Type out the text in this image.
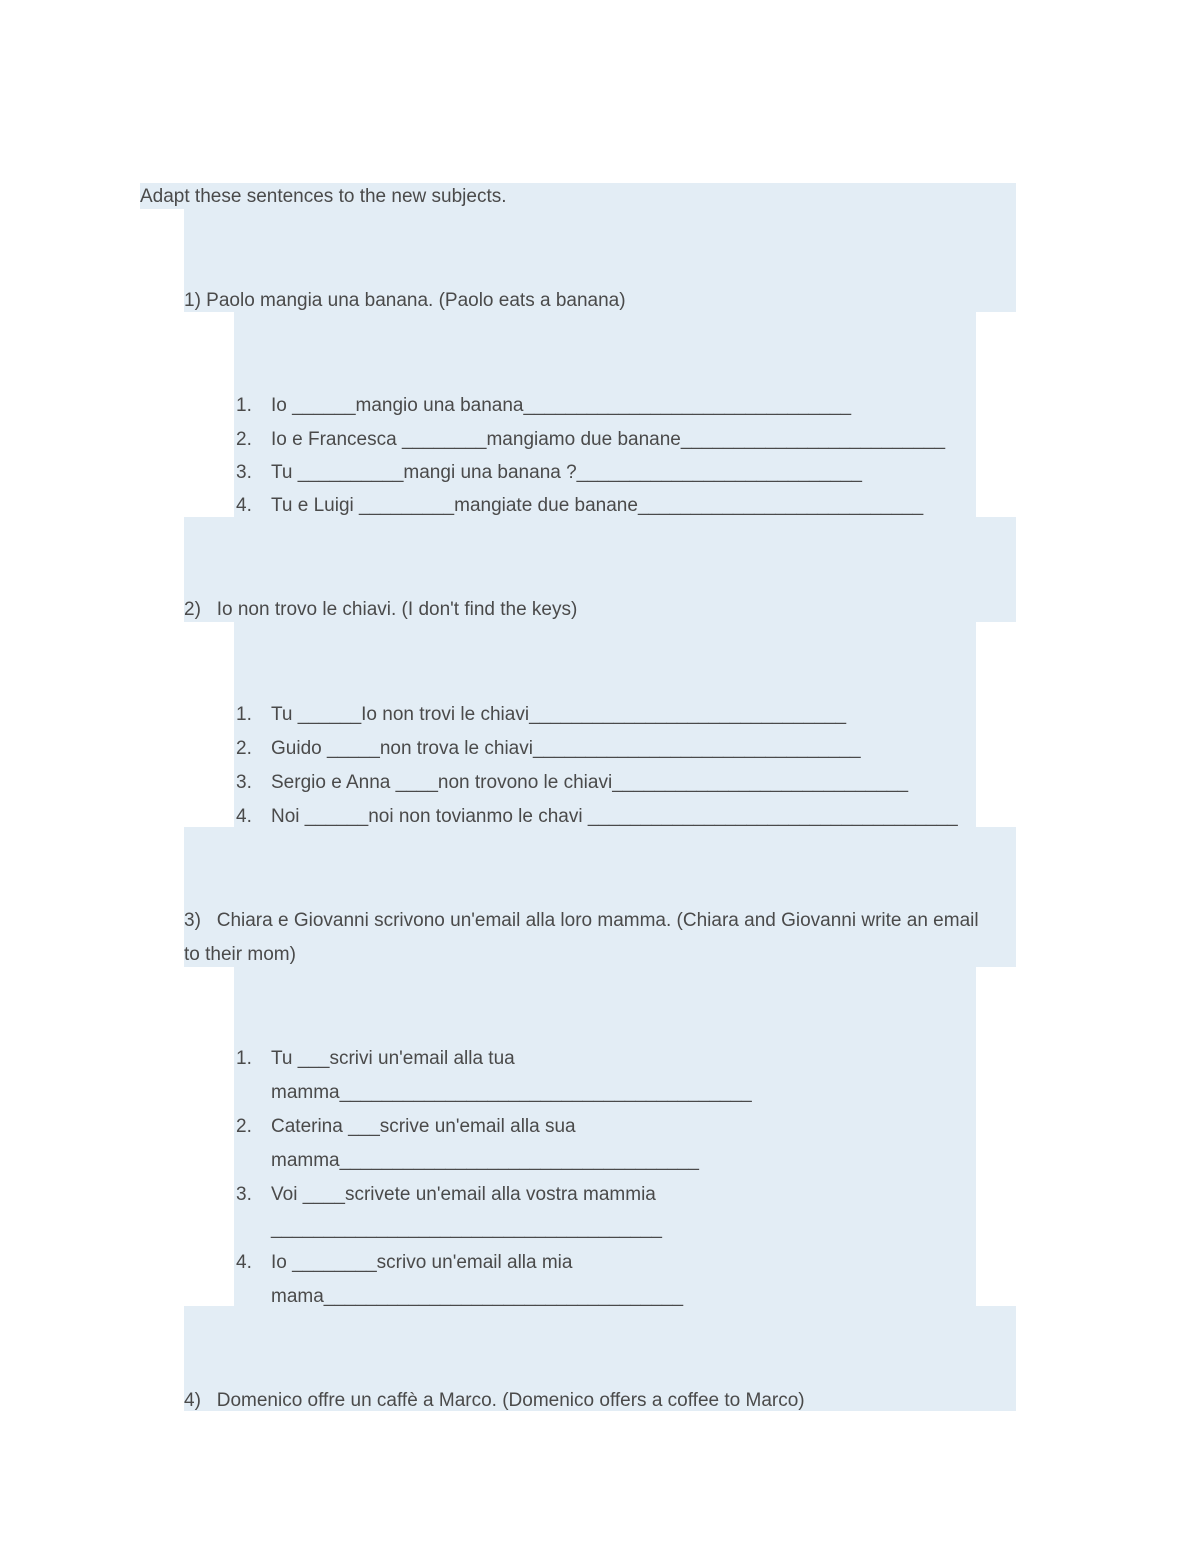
Adapt these sentences to the new subjects.
1) Paolo mangia una banana. (Paolo eats a banana)
1. Io ______mangio una banana_______________________________
2. Io e Francesca ________mangiamo due banane_________________________
3. Tu __________mangi una banana ?___________________________
4. Tu e Luigi _________mangiate due banane___________________________
2)   Io non trovo le chiavi. (I don't find the keys)
1. Tu ______Io non trovi le chiavi______________________________
2. Guido _____non trova le chiavi_______________________________
3. Sergio e Anna ____non trovono le chiavi____________________________
4. Noi ______noi non tovianmo le chavi ___________________________________
3)   Chiara e Giovanni scrivono un'email alla loro mamma. (Chiara and Giovanni write an email
to their mom)
1. Tu ___scrivi un'email alla tua
mamma_______________________________________
2. Caterina ___scrive un'email alla sua
mamma__________________________________
3. Voi ____scrivete un'email alla vostra mammia
_____________________________________
4. Io ________scrivo un'email alla mia
mama__________________________________
4)   Domenico offre un caffè a Marco. (Domenico offers a coffee to Marco)
